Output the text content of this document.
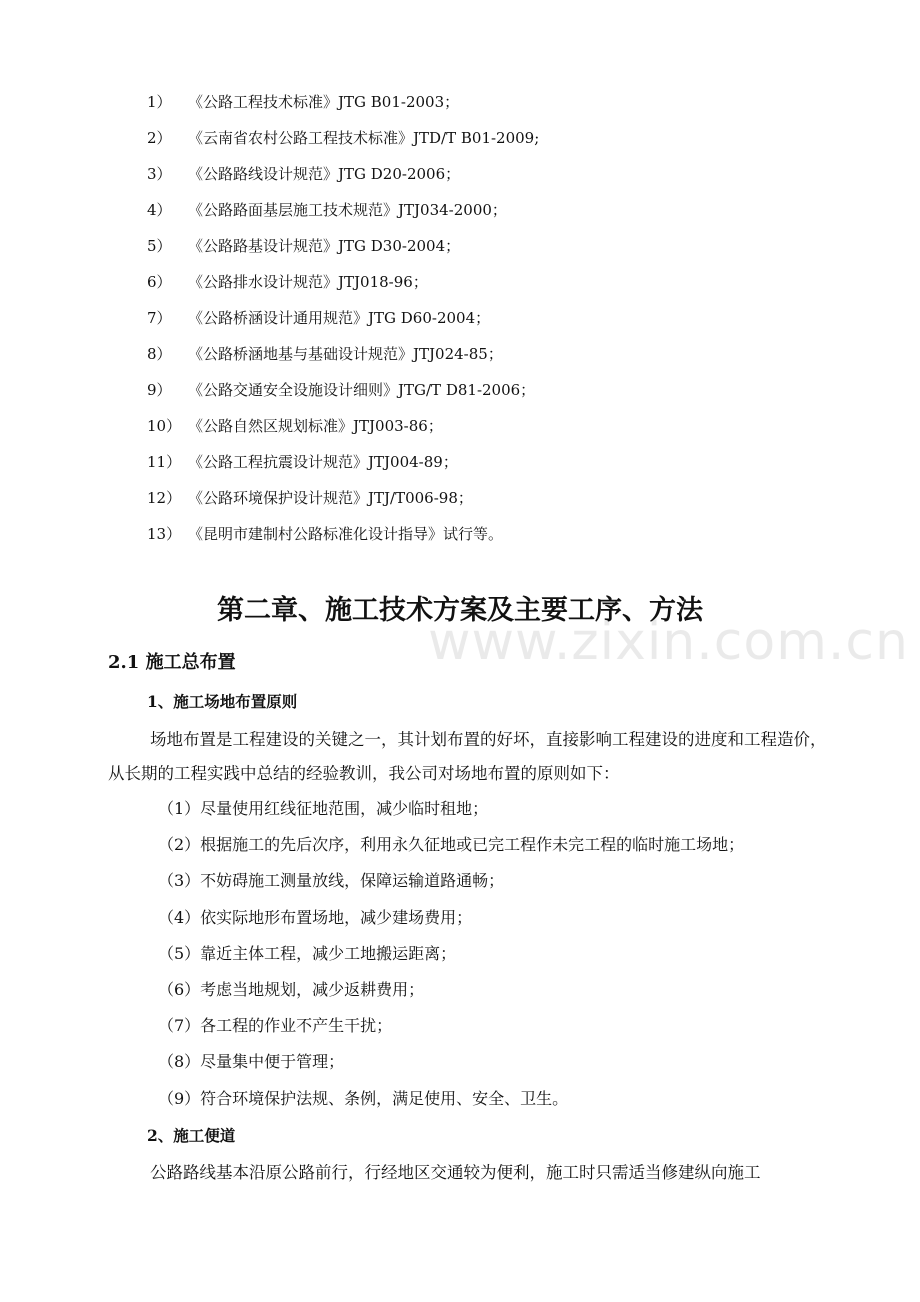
1） 《公路工程技术标准》JTG B01-2003；
2） 《云南省农村公路工程技术标准》JTD/T B01-2009;
3） 《公路路线设计规范》JTG D20-2006；
4） 《公路路面基层施工技术规范》JTJ034-2000；
5） 《公路路基设计规范》JTG D30-2004；
6） 《公路排水设计规范》JTJ018-96；
7） 《公路桥涵设计通用规范》JTG D60-2004；
8） 《公路桥涵地基与基础设计规范》JTJ024-85；
9） 《公路交通安全设施设计细则》JTG/T D81-2006；
10） 《公路自然区规划标准》JTJ003-86；
11） 《公路工程抗震设计规范》JTJ004-89；
12） 《公路环境保护设计规范》JTJ/T006-98；
13） 《昆明市建制村公路标准化设计指导》试行等。
www.zixin.com.cn
第二章、施工技术方案及主要工序、方法
2.1 施工总布置
1、施工场地布置原则
场地布置是工程建设的关键之一，其计划布置的好坏，直接影响工程建设的进度和工程造价，从长期的工程实践中总结的经验教训，我公司对场地布置的原则如下：
（1）尽量使用红线征地范围，减少临时租地；
（2）根据施工的先后次序，利用永久征地或已完工程作未完工程的临时施工场地；
（3）不妨碍施工测量放线，保障运输道路通畅；
（4）依实际地形布置场地，减少建场费用；
（5）靠近主体工程，减少工地搬运距离；
（6）考虑当地规划，减少返耕费用；
（7）各工程的作业不产生干扰；
（8）尽量集中便于管理；
（9）符合环境保护法规、条例，满足使用、安全、卫生。
2、施工便道
公路路线基本沿原公路前行，行经地区交通较为便利，施工时只需适当修建纵向施工
